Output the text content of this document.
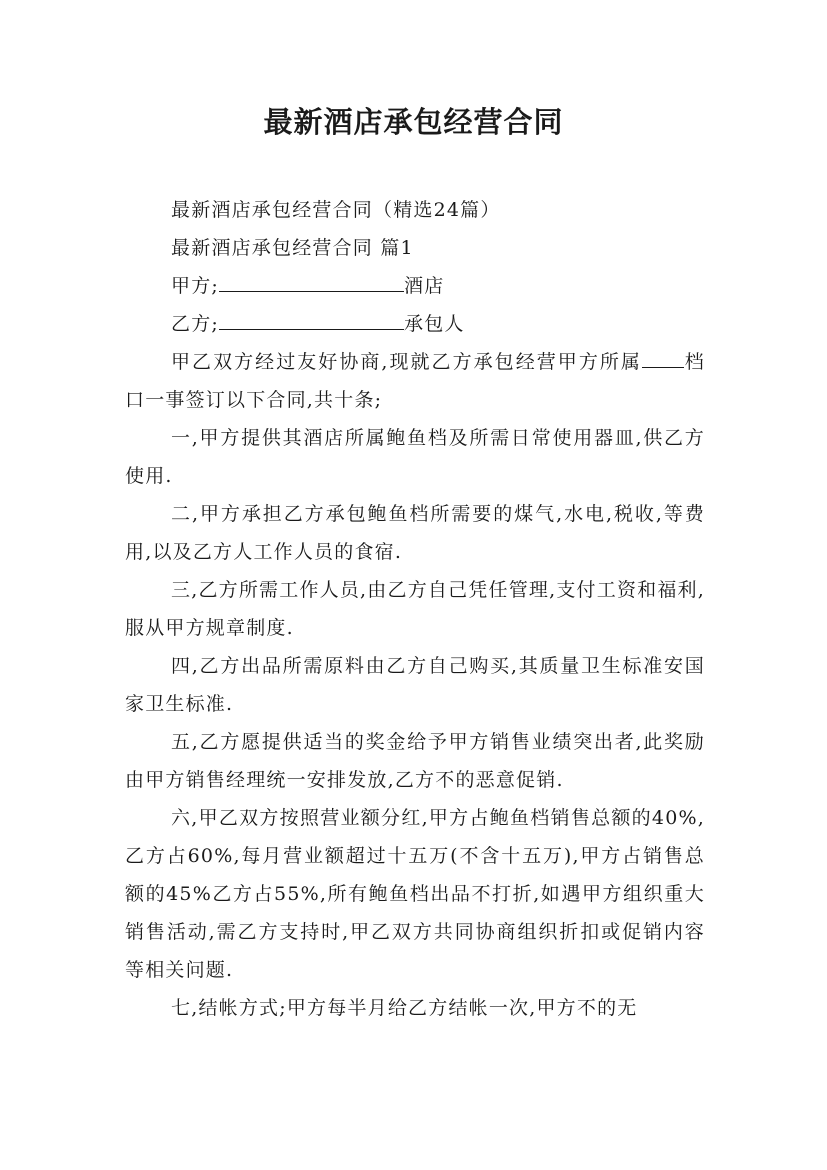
最新酒店承包经营合同

最新酒店承包经营合同（精选24篇）

最新酒店承包经营合同 篇1

甲方;	酒店

乙方;	承包人

甲乙双方经过友好协商,现就乙方承包经营甲方所属 档口一事签订以下合同,共十条;

一,甲方提供其酒店所属鲍鱼档及所需日常使用器皿,供乙方使用.

二,甲方承担乙方承包鲍鱼档所需要的煤气,水电,税收,等费用,以及乙方人工作人员的食宿.

三,乙方所需工作人员,由乙方自己凭任管理,支付工资和福利,服从甲方规章制度.

四,乙方出品所需原料由乙方自己购买,其质量卫生标准安国家卫生标准.

五,乙方愿提供适当的奖金给予甲方销售业绩突出者,此奖励由甲方销售经理统一安排发放,乙方不的恶意促销.

六,甲乙双方按照营业额分红,甲方占鲍鱼档销售总额的40%,乙方占60%,每月营业额超过十五万(不含十五万),甲方占销售总额的45%乙方占55%,所有鲍鱼档出品不打折,如遇甲方组织重大销售活动,需乙方支持时,甲乙双方共同协商组织折扣或促销内容等相关问题.

七,结帐方式;甲方每半月给乙方结帐一次,甲方不的无
